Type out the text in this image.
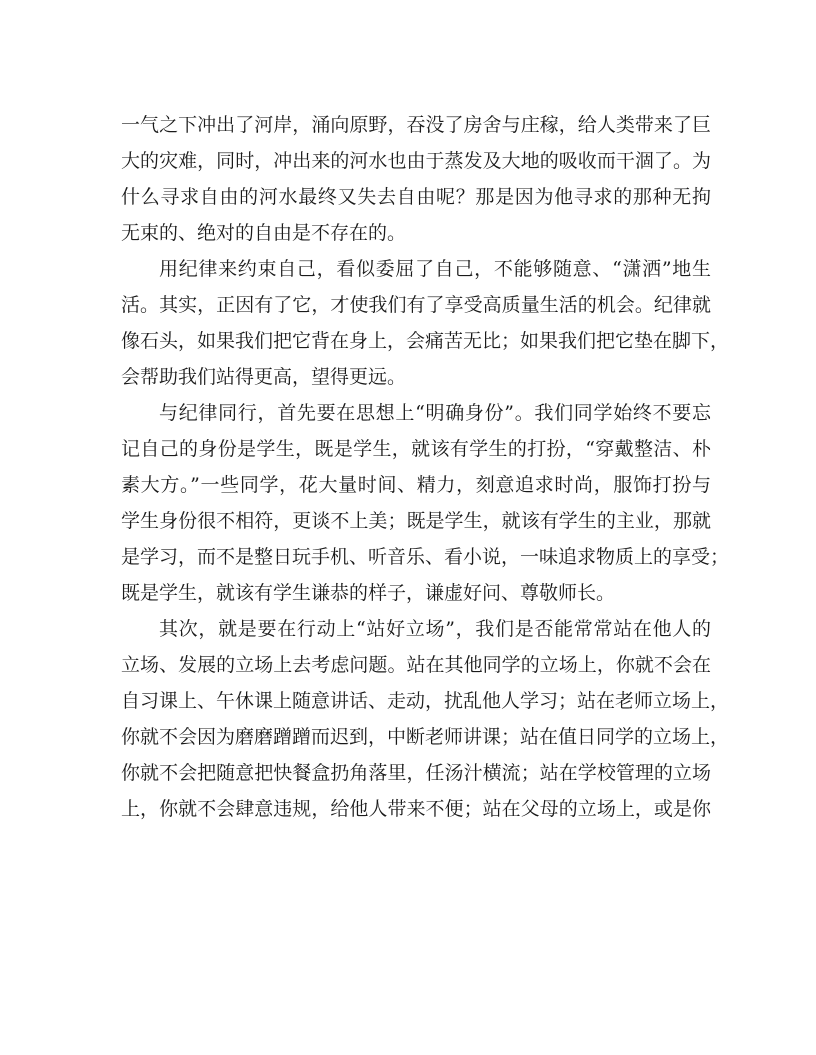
一气之下冲出了河岸，涌向原野，吞没了房舍与庄稼，给人类带来了巨
大的灾难，同时，冲出来的河水也由于蒸发及大地的吸收而干涸了。为
什么寻求自由的河水最终又失去自由呢？那是因为他寻求的那种无拘
无束的、绝对的自由是不存在的。
用纪律来约束自己，看似委屈了自己，不能够随意、“潇洒”地生
活。其实，正因有了它，才使我们有了享受高质量生活的机会。纪律就
像石头，如果我们把它背在身上，会痛苦无比；如果我们把它垫在脚下，
会帮助我们站得更高，望得更远。
与纪律同行，首先要在思想上“明确身份”。我们同学始终不要忘
记自己的身份是学生，既是学生，就该有学生的打扮，“穿戴整洁、朴
素大方。”一些同学，花大量时间、精力，刻意追求时尚，服饰打扮与
学生身份很不相符，更谈不上美；既是学生，就该有学生的主业，那就
是学习，而不是整日玩手机、听音乐、看小说，一味追求物质上的享受；
既是学生，就该有学生谦恭的样子，谦虚好问、尊敬师长。
其次，就是要在行动上“站好立场”，我们是否能常常站在他人的
立场、发展的立场上去考虑问题。站在其他同学的立场上，你就不会在
自习课上、午休课上随意讲话、走动，扰乱他人学习；站在老师立场上，
你就不会因为磨磨蹭蹭而迟到，中断老师讲课；站在值日同学的立场上，
你就不会把随意把快餐盒扔角落里，任汤汁横流；站在学校管理的立场
上，你就不会肆意违规，给他人带来不便；站在父母的立场上，或是你
